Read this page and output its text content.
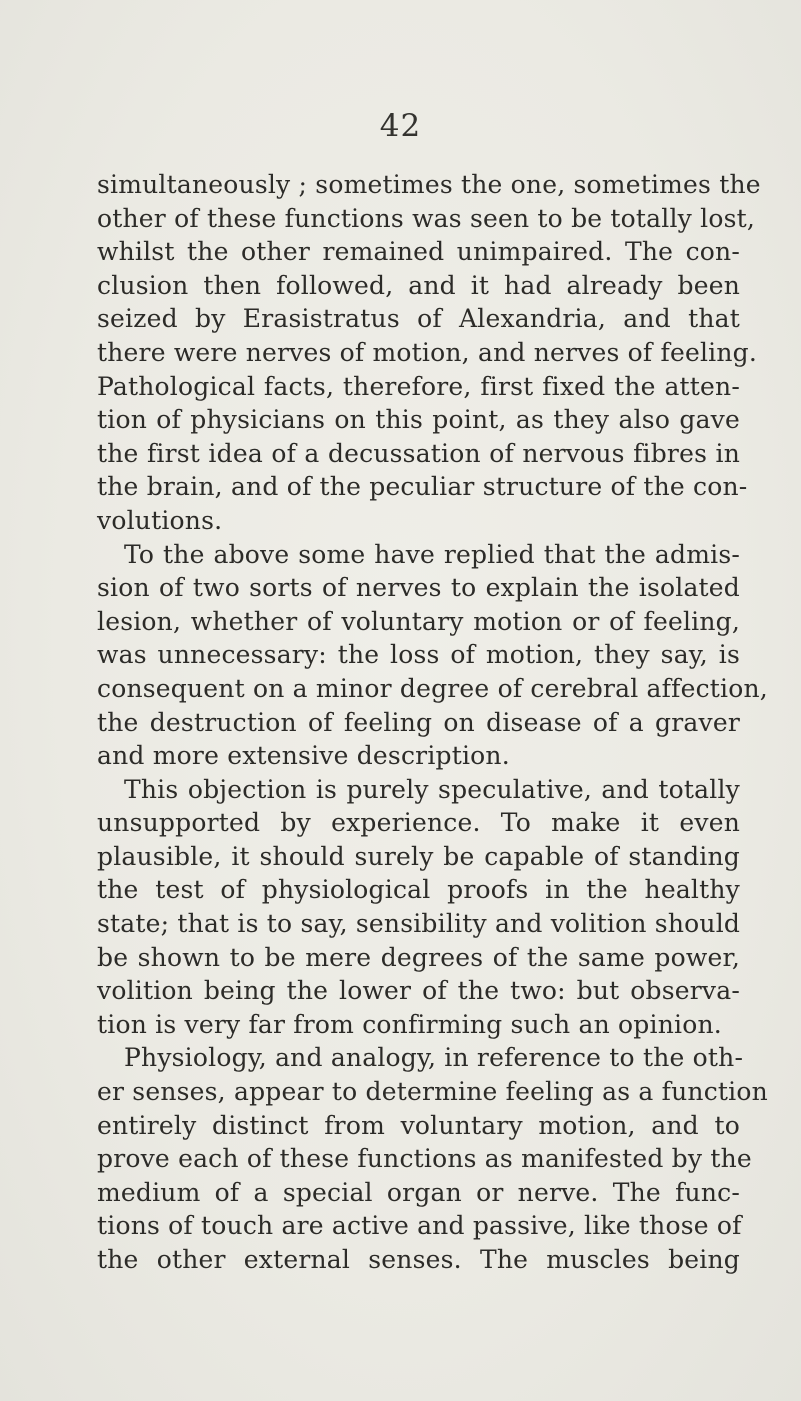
42
simultaneously ; sometimes the one, sometimes the
other of these functions was seen to be totally lost,
whilst the other remained unimpaired. The con-
clusion then followed, and it had already been
seized by Erasistratus of Alexandria, and that
there were nerves of motion, and nerves of feeling.
Pathological facts, therefore, first fixed the atten-
tion of physicians on this point, as they also gave
the first idea of a decussation of nervous fibres in
the brain, and of the peculiar structure of the con-
volutions.
To the above some have replied that the admis-
sion of two sorts of nerves to explain the isolated
lesion, whether of voluntary motion or of feeling,
was unnecessary: the loss of motion, they say, is
consequent on a minor degree of cerebral affection,
the destruction of feeling on disease of a graver
and more extensive description.
This objection is purely speculative, and totally
unsupported by experience. To make it even
plausible, it should surely be capable of standing
the test of physiological proofs in the healthy
state; that is to say, sensibility and volition should
be shown to be mere degrees of the same power,
volition being the lower of the two: but observa-
tion is very far from confirming such an opinion.
Physiology, and analogy, in reference to the oth-
er senses, appear to determine feeling as a function
entirely distinct from voluntary motion, and to
prove each of these functions as manifested by the
medium of a special organ or nerve. The func-
tions of touch are active and passive, like those of
the other external senses. The muscles being
